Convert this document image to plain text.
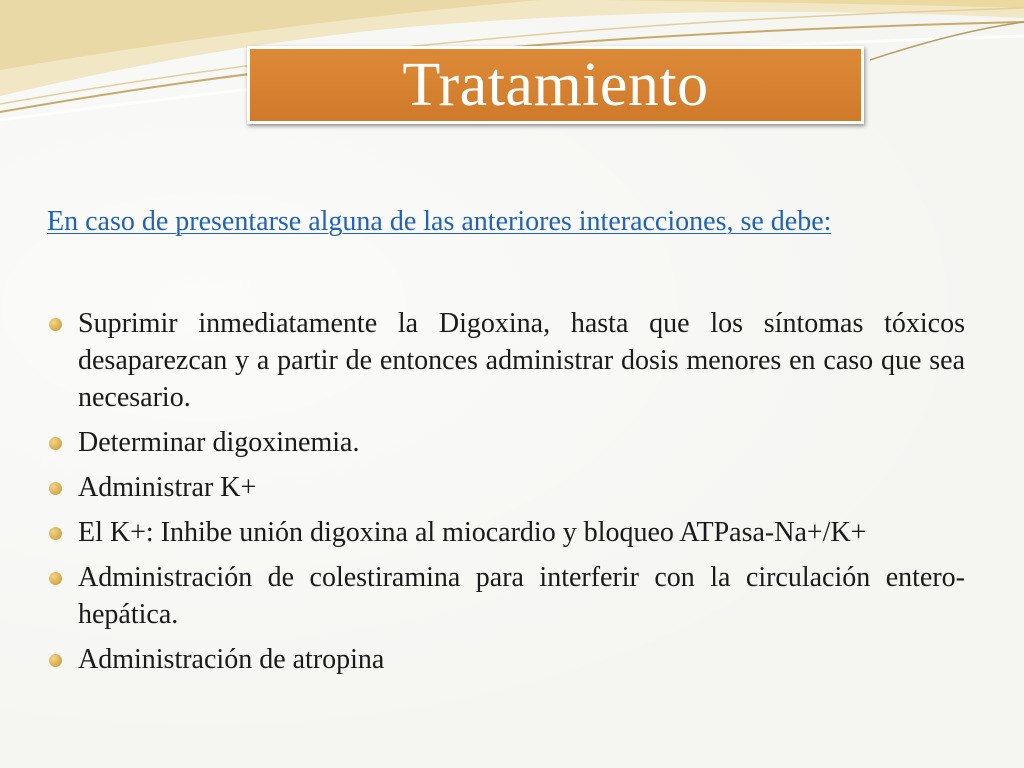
Tratamiento

En caso de presentarse alguna de las anteriores interacciones, se debe:

Suprimir inmediatamente la Digoxina, hasta que los síntomas tóxicos desaparezcan y a partir de entonces administrar dosis menores en caso que sea necesario.
Determinar digoxinemia.
Administrar K+
El K+: Inhibe unión digoxina al miocardio y bloqueo ATPasa-Na+/K+
Administración de colestiramina para interferir con la circulación entero- hepática.
Administración de atropina
